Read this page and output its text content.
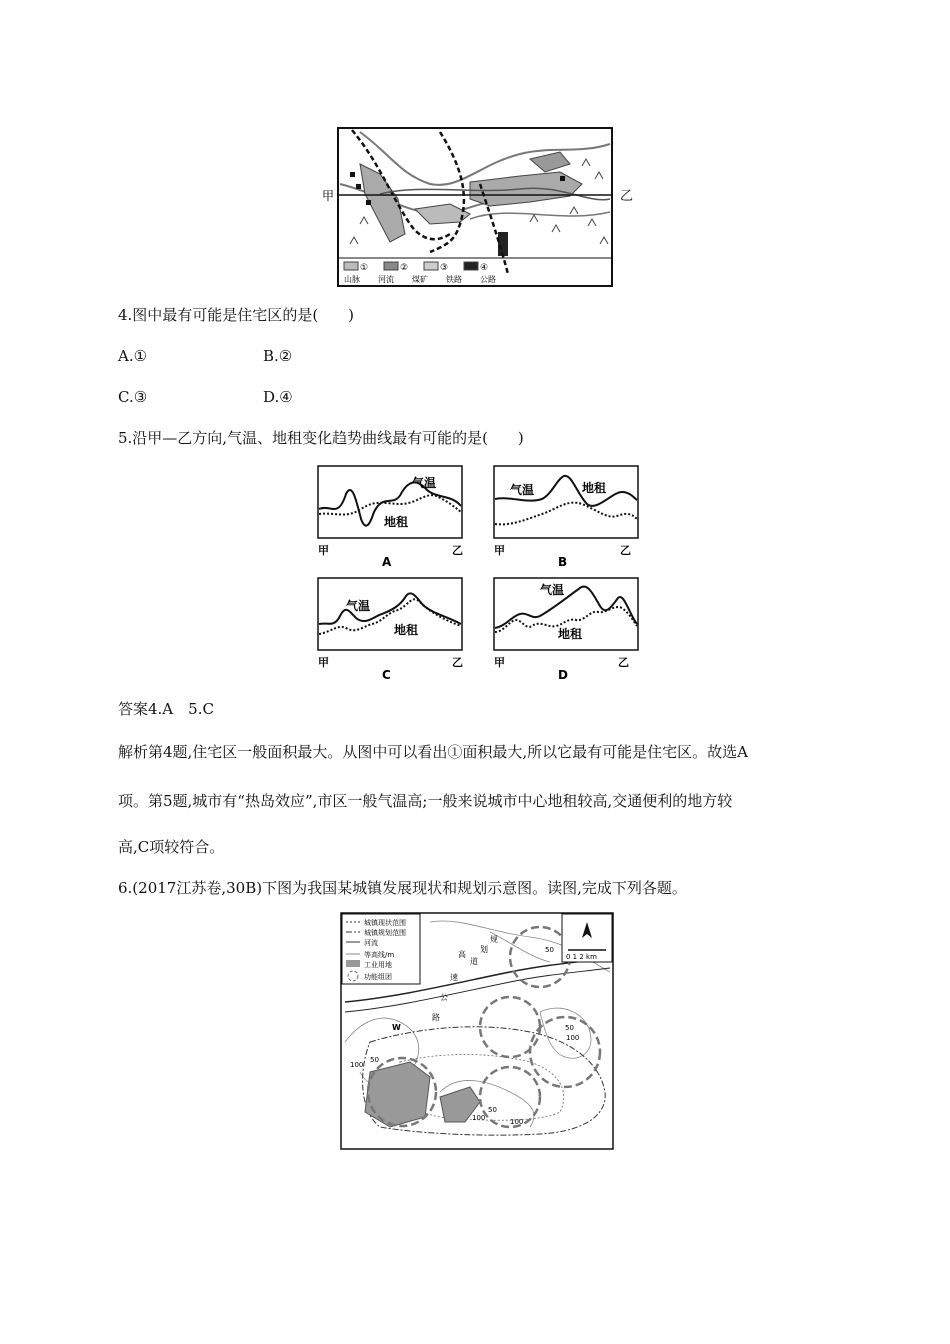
①	②	③	④
山脉 河流 煤矿 铁路 公路
甲	乙
4.图中最有可能是住宅区的是(　　)
A.①	B.②
C.③	D.④
5.沿甲—乙方向,气温、地租变化趋势曲线最有可能的是(　　)
气温
地租
甲	乙
A
气温	地租
甲	乙
B
气温
地租
甲	乙
C
气温
地租
甲	乙
D
答案4.A　5.C
解析第4题,住宅区一般面积最大。从图中可以看出①面积最大,所以它最有可能是住宅区。故选A
项。第5题,城市有“热岛效应”,市区一般气温高;一般来说城市中心地租较高,交通便利的地方较
高,C项较符合。
6.(2017江苏卷,30B)下图为我国某城镇发展现状和规划示意图。读图,完成下列各题。
城镇现状范围
城镇规划范围
河流
等高线/m
工业用地
功能组团
0 1 2 km
高
速
公
路
规
划
道
50
50
100
50
100
50
100	100
W
